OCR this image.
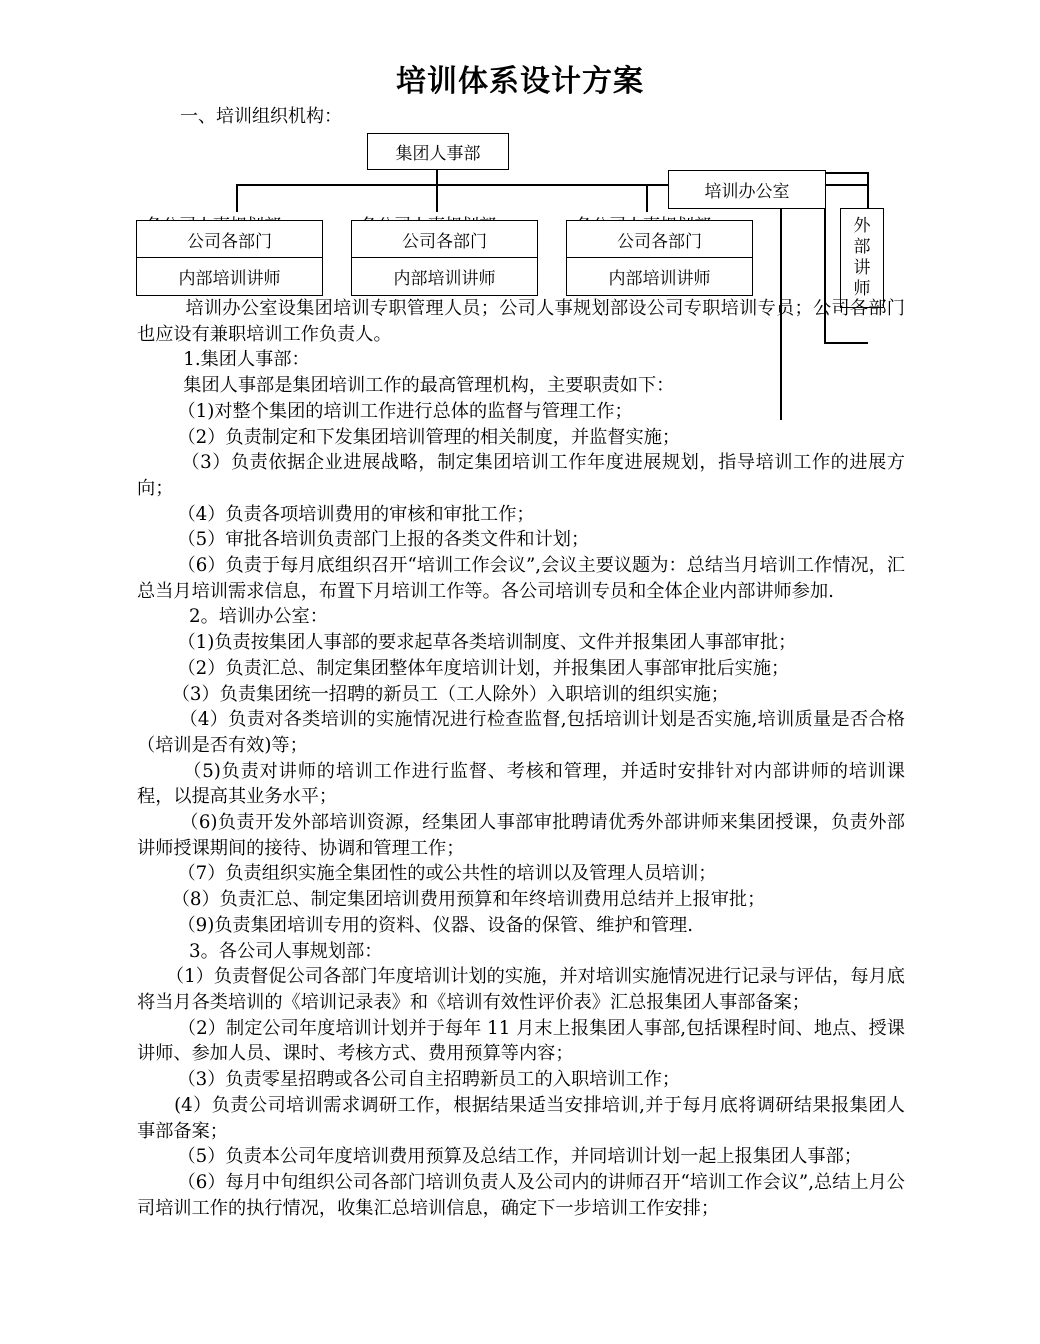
培训体系设计方案
一、培训组织机构：
集团人事部
培训办公室
外
部
讲
师
公司各部门
内部培训讲师
公司各部门
内部培训讲师
公司各部门
内部培训讲师

培训办公室设集团培训专职管理人员；公司人事规划部设公司专职培训专员；公司各部门也应设有兼职培训工作负责人。

1.集团人事部：

集团人事部是集团培训工作的最高管理机构，主要职责如下：

（1)对整个集团的培训工作进行总体的监督与管理工作；

（2）负责制定和下发集团培训管理的相关制度，并监督实施；

（3）负责依据企业进展战略，制定集团培训工作年度进展规划，指导培训工作的进展方向；

（4）负责各项培训费用的审核和审批工作；

（5）审批各培训负责部门上报的各类文件和计划；

（6）负责于每月底组织召开“培训工作会议”,会议主要议题为：总结当月培训工作情况，汇总当月培训需求信息，布置下月培训工作等。各公司培训专员和全体企业内部讲师参加.

2。培训办公室：

（1)负责按集团人事部的要求起草各类培训制度、文件并报集团人事部审批；

（2）负责汇总、制定集团整体年度培训计划，并报集团人事部审批后实施；

（3）负责集团统一招聘的新员工（工人除外）入职培训的组织实施；

（4）负责对各类培训的实施情况进行检查监督,包括培训计划是否实施,培训质量是否合格（培训是否有效)等；

（5)负责对讲师的培训工作进行监督、考核和管理，并适时安排针对内部讲师的培训课程，以提高其业务水平；

（6)负责开发外部培训资源，经集团人事部审批聘请优秀外部讲师来集团授课，负责外部讲师授课期间的接待、协调和管理工作；

（7）负责组织实施全集团性的或公共性的培训以及管理人员培训；

（8）负责汇总、制定集团培训费用预算和年终培训费用总结并上报审批；

（9)负责集团培训专用的资料、仪器、设备的保管、维护和管理.

3。各公司人事规划部：

（1）负责督促公司各部门年度培训计划的实施，并对培训实施情况进行记录与评估，每月底将当月各类培训的《培训记录表》和《培训有效性评价表》汇总报集团人事部备案；

（2）制定公司年度培训计划并于每年 11 月末上报集团人事部,包括课程时间、地点、授课讲师、参加人员、课时、考核方式、费用预算等内容；

（3）负责零星招聘或各公司自主招聘新员工的入职培训工作；

(4）负责公司培训需求调研工作，根据结果适当安排培训,并于每月底将调研结果报集团人事部备案；

（5）负责本公司年度培训费用预算及总结工作，并同培训计划一起上报集团人事部；

（6）每月中旬组织公司各部门培训负责人及公司内的讲师召开“培训工作会议”,总结上月公司培训工作的执行情况，收集汇总培训信息，确定下一步培训工作安排；
